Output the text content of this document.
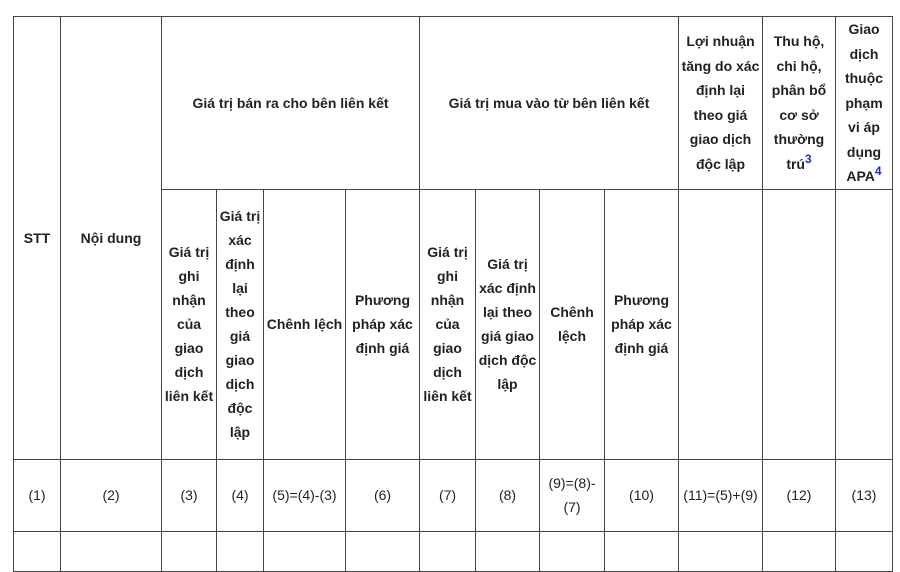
STT	Nội dung	Giá trị bán ra cho bên liên kết				Giá trị mua vào từ bên liên kết				Lợi nhuận tăng do xác định lại theo giá giao dịch độc lập	Thu hộ, chi hộ, phân bổ cơ sở thường trú$^3$	Giao dịch thuộc phạm vi áp dụng APA$^4$
		Giá trị ghi nhận của giao dịch liên kết	Giá trị xác định lại theo giá giao dịch độc lập	Chênh lệch	Phương pháp xác định giá	Giá trị ghi nhận của giao dịch liên kết	Giá trị xác định lại theo giá giao dịch độc lập	Chênh lệch	Phương pháp xác định giá			
(1)	(2)	(3)	(4)	(5)=(4)-(3)	(6)	(7)	(8)	(9)=(8)-(7)	(10)	(11)=(5)+(9)	(12)	(13)
